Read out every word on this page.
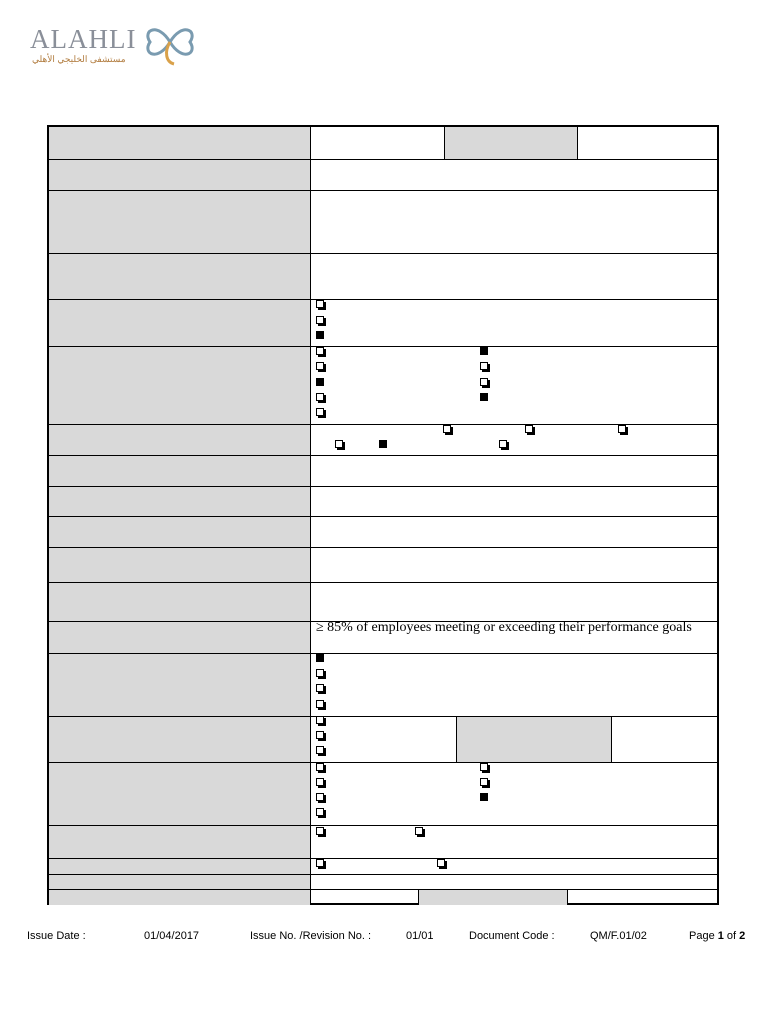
ALAHLI
مستشفى الخليجي الأهلي
≥ 85% of employees meeting or exceeding their performance goals
Issue Date :	01/04/2017	Issue No. /Revision No. :	01/01	Document Code :	QM/F.01/02	Page 1 of 2
